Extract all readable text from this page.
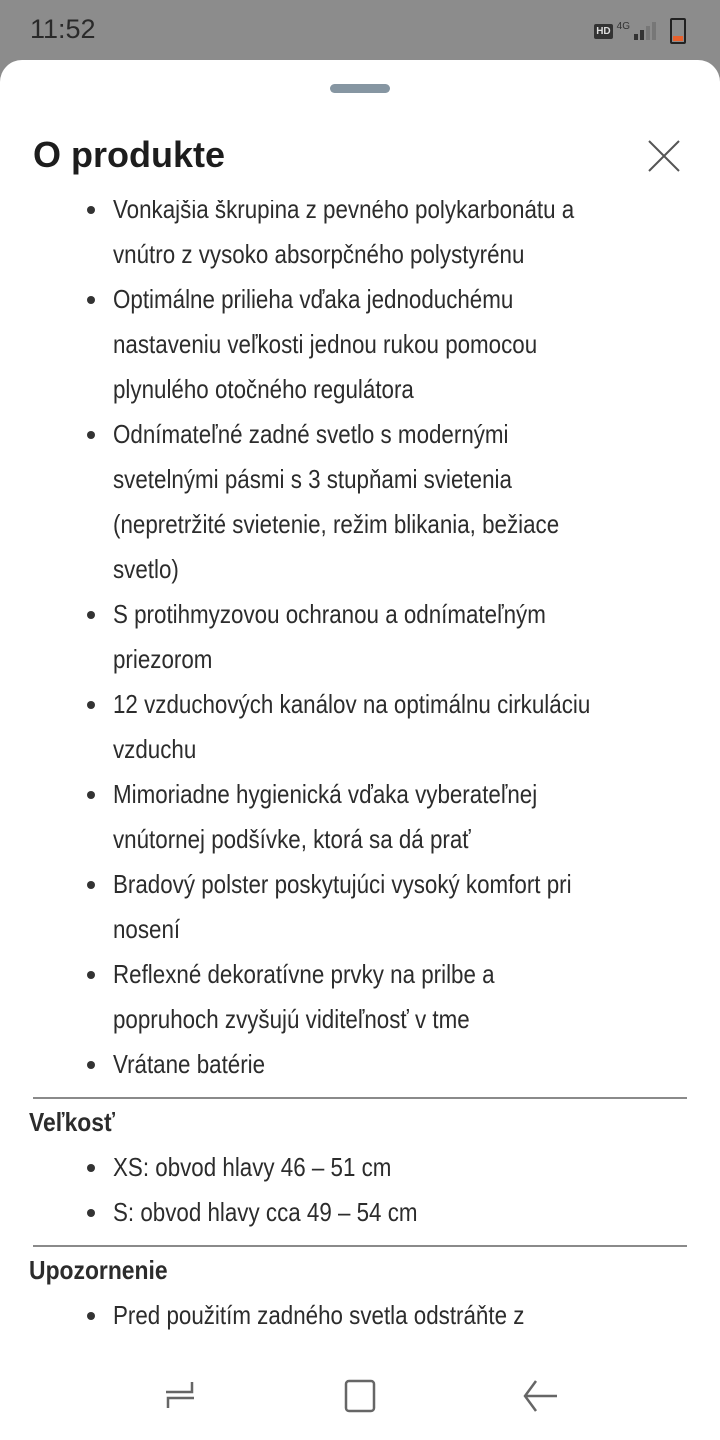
11:52	HD 4G
O produkte
Vonkajšia škrupina z pevného polykarbonátu a
vnútro z vysoko absorpčného polystyrénu
Optimálne prilieha vďaka jednoduchému
nastaveniu veľkosti jednou rukou pomocou
plynulého otočného regulátora
Odnímateľné zadné svetlo s modernými
svetelnými pásmi s 3 stupňami svietenia
(nepretržité svietenie, režim blikania, bežiace
svetlo)
S protihmyzovou ochranou a odnímateľným
priezorom
12 vzduchových kanálov na optimálnu cirkuláciu
vzduchu
Mimoriadne hygienická vďaka vyberateľnej
vnútornej podšívke, ktorá sa dá prať
Bradový polster poskytujúci vysoký komfort pri
nosení
Reflexné dekoratívne prvky na prilbe a
popruhoch zvyšujú viditeľnosť v tme
Vrátane batérie
Veľkosť
XS: obvod hlavy 46 – 51 cm
S: obvod hlavy cca 49 – 54 cm
Upozornenie
Pred použitím zadného svetla odstráňte z
